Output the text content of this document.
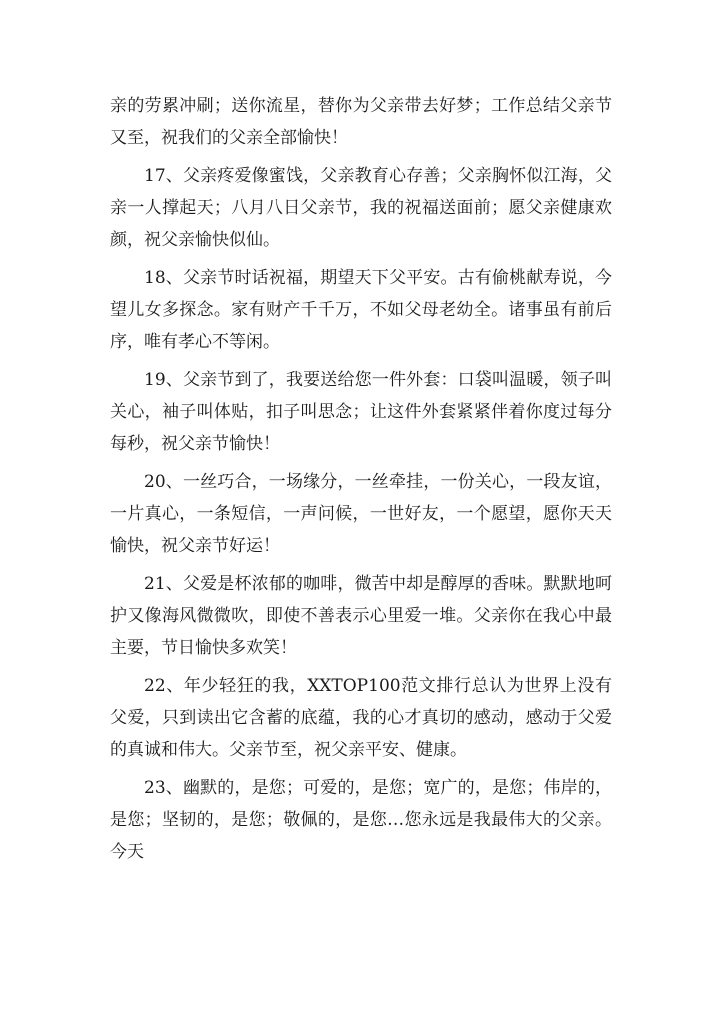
亲的劳累冲刷；送你流星，替你为父亲带去好梦；工作总结父亲节又至，祝我们的父亲全部愉快！

17、父亲疼爱像蜜饯，父亲教育心存善；父亲胸怀似江海，父亲一人撑起天；八月八日父亲节，我的祝福送面前；愿父亲健康欢颜，祝父亲愉快似仙。

18、父亲节时话祝福，期望天下父平安。古有偷桃献寿说，今望儿女多探念。家有财产千千万，不如父母老幼全。诸事虽有前后序，唯有孝心不等闲。

19、父亲节到了，我要送给您一件外套：口袋叫温暖，领子叫关心，袖子叫体贴，扣子叫思念；让这件外套紧紧伴着你度过每分每秒，祝父亲节愉快！

20、一丝巧合，一场缘分，一丝牵挂，一份关心，一段友谊，一片真心，一条短信，一声问候，一世好友，一个愿望，愿你天天愉快，祝父亲节好运！

21、父爱是杯浓郁的咖啡，微苦中却是醇厚的香味。默默地呵护又像海风微微吹，即使不善表示心里爱一堆。父亲你在我心中最主要，节日愉快多欢笑！

22、年少轻狂的我，XXTOP100范文排行总认为世界上没有父爱，只到读出它含蓄的底蕴，我的心才真切的感动，感动于父爱的真诚和伟大。父亲节至，祝父亲平安、健康。

23、幽默的，是您；可爱的，是您；宽广的，是您；伟岸的，是您；坚韧的，是您；敬佩的，是您…您永远是我最伟大的父亲。今天
